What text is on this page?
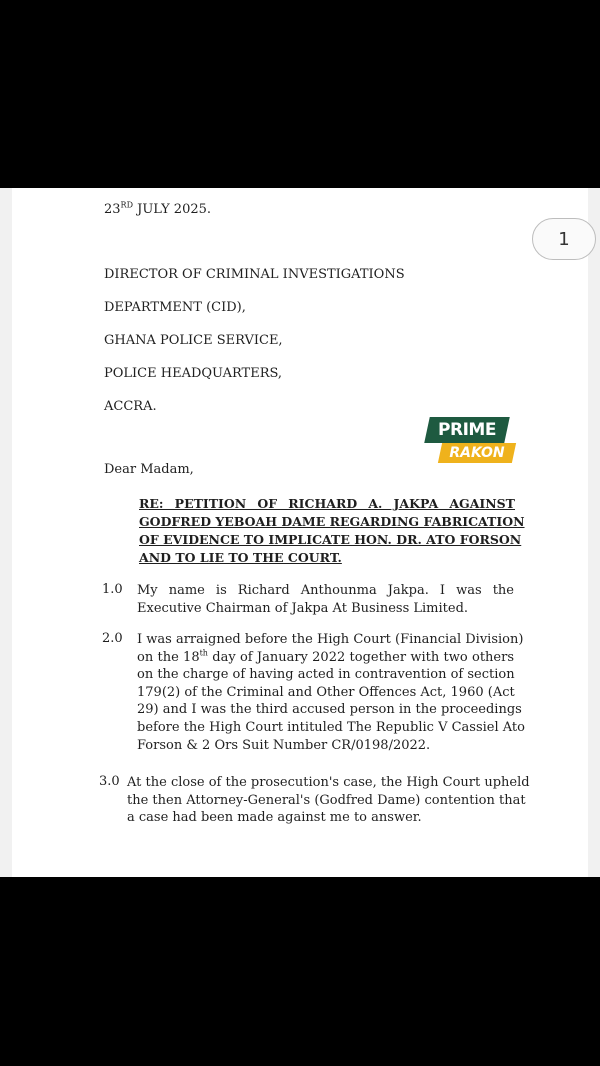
23RD JULY 2025.
1
DIRECTOR OF CRIMINAL INVESTIGATIONS
DEPARTMENT (CID),
GHANA POLICE SERVICE,
POLICE HEADQUARTERS,
ACCRA.
PRIME
RAKON
Dear Madam,
RE: PETITION OF RICHARD A. JAKPA AGAINST
GODFRED YEBOAH DAME REGARDING FABRICATION
OF EVIDENCE TO IMPLICATE HON. DR. ATO FORSON
AND TO LIE TO THE COURT.
1.0 My name is Richard Anthounma Jakpa. I was the
Executive Chairman of Jakpa At Business Limited.
2.0 I was arraigned before the High Court (Financial Division)
on the 18th day of January 2022 together with two others
on the charge of having acted in contravention of section
179(2) of the Criminal and Other Offences Act, 1960 (Act
29) and I was the third accused person in the proceedings
before the High Court intituled The Republic V Cassiel Ato
Forson & 2 Ors Suit Number CR/0198/2022.
3.0 At the close of the prosecution's case, the High Court upheld
the then Attorney-General's (Godfred Dame) contention that
a case had been made against me to answer.
